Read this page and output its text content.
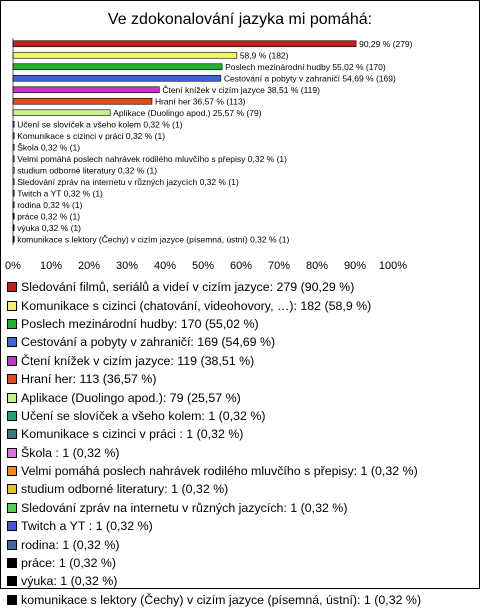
Ve zdokonalování jazyka mi pomáhá:
90,29 % (279)
58,9 % (182)
Poslech mezinárodní hudby 55,02 % (170)
Cestování a pobyty v zahraničí 54,69 % (169)
Čtení knížek v cizím jazyce 38,51 % (119)
Hraní her 36,57 % (113)
Aplikace (Duolingo apod.) 25,57 % (79)
Učení se slovíček a všeho kolem 0,32 % (1)
Komunikace s cizinci v práci 0,32 % (1)
Škola 0,32 % (1)
Velmi pomáhá poslech nahrávek rodilého mluvčího s přepisy 0,32 % (1)
studium odborné literatury 0,32 % (1)
Sledování zpráv na internetu v různých jazycích 0,32 % (1)
Twitch a YT 0,32 % (1)
rodina 0,32 % (1)
práce 0,32 % (1)
výuka 0,32 % (1)
komunikace s lektory (Čechy) v cizím jazyce (písemná, ústní) 0,32 % (1)
0% 10% 20% 30% 40% 50% 60% 70% 80% 90% 100%
Sledování filmů, seriálů a videí v cizím jazyce: 279 (90,29 %)
Komunikace s cizinci (chatování, videohovory, …): 182 (58,9 %)
Poslech mezinárodní hudby: 170 (55,02 %)
Cestování a pobyty v zahraničí: 169 (54,69 %)
Čtení knížek v cizím jazyce: 119 (38,51 %)
Hraní her: 113 (36,57 %)
Aplikace (Duolingo apod.): 79 (25,57 %)
Učení se slovíček a všeho kolem: 1 (0,32 %)
Komunikace s cizinci v práci : 1 (0,32 %)
Škola : 1 (0,32 %)
Velmi pomáhá poslech nahrávek rodilého mluvčího s přepisy: 1 (0,32 %)
studium odborné literatury: 1 (0,32 %)
Sledování zpráv na internetu v různých jazycích: 1 (0,32 %)
Twitch a YT : 1 (0,32 %)
rodina: 1 (0,32 %)
práce: 1 (0,32 %)
výuka: 1 (0,32 %)
komunikace s lektory (Čechy) v cizím jazyce (písemná, ústní): 1 (0,32 %)
